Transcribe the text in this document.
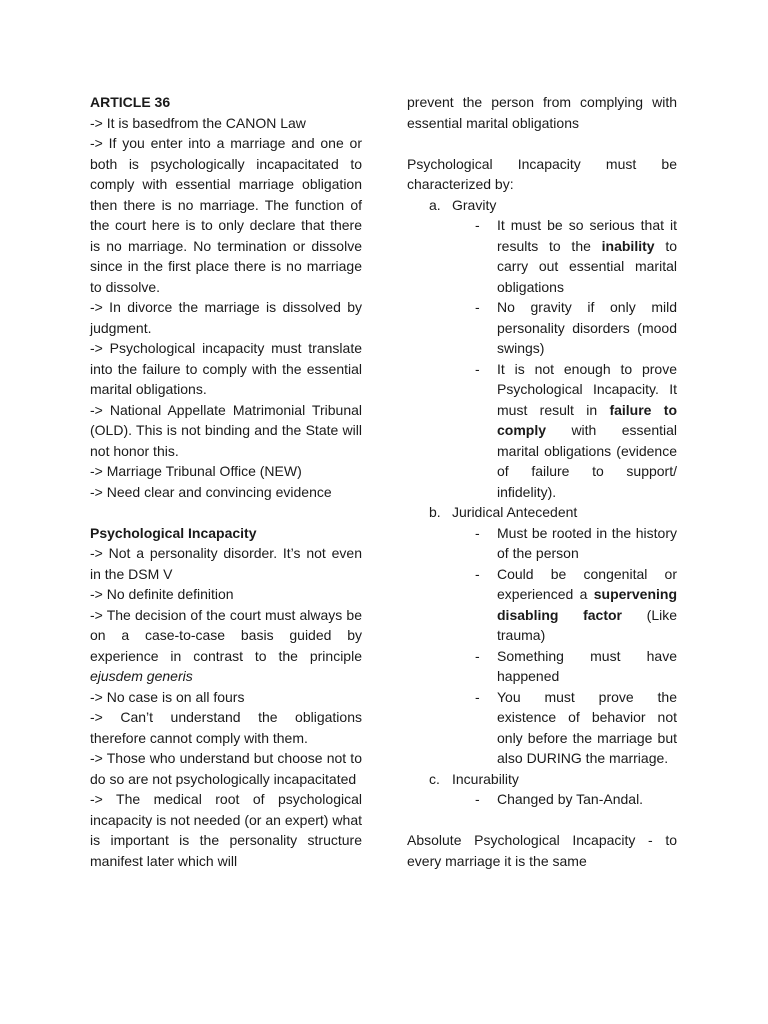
ARTICLE 36

-> It is basedfrom the CANON Law

-> If you enter into a marriage and one or both is psychologically incapacitated to comply with essential marriage obligation then there is no marriage. The function of the court here is to only declare that there is no marriage. No termination or dissolve since in the first place there is no marriage to dissolve.

-> In divorce the marriage is dissolved by judgment.

-> Psychological incapacity must translate into the failure to comply with the essential marital obligations.

-> National Appellate Matrimonial Tribunal (OLD). This is not binding and the State will not honor this.

-> Marriage Tribunal Office (NEW)

-> Need clear and convincing evidence

Psychological Incapacity

-> Not a personality disorder. It’s not even in the DSM V

-> No definite definition

-> The decision of the court must always be on a case-to-case basis guided by experience in contrast to the principle ejusdem generis

-> No case is on all fours

-> Can’t understand the obligations therefore cannot comply with them.

-> Those who understand but choose not to do so are not psychologically incapacitated

-> The medical root of psychological incapacity is not needed (or an expert) what is important is the personality structure manifest later which will

prevent the person from complying with essential marital obligations

Psychological Incapacity must be characterized by:

a. Gravity
- It must be so serious that it results to the inability to carry out essential marital obligations
- No gravity if only mild personality disorders (mood swings)
- It is not enough to prove Psychological Incapacity. It must result in failure to comply with essential marital obligations (evidence of failure to support/ infidelity).
b. Juridical Antecedent
- Must be rooted in the history of the person
- Could be congenital or experienced a supervening disabling factor (Like trauma)
- Something must have happened
- You must prove the existence of behavior not only before the marriage but also DURING the marriage.
c. Incurability
- Changed by Tan-Andal.

Absolute Psychological Incapacity - to every marriage it is the same
